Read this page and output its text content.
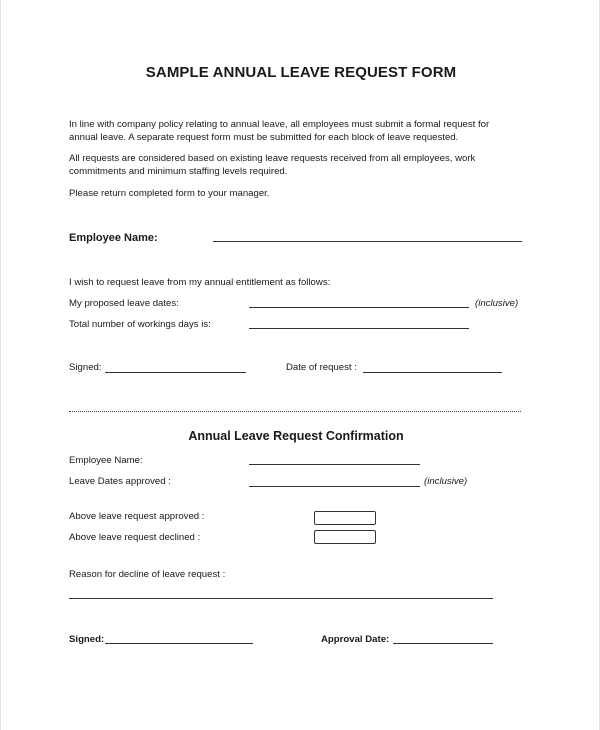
SAMPLE ANNUAL LEAVE REQUEST FORM
In line with company policy relating to annual leave, all employees must submit a formal request for
annual leave. A separate request form must be submitted for each block of leave requested.
All requests are considered based on existing leave requests received from all employees, work
commitments and minimum staffing levels required.
Please return completed form to your manager.
Employee Name:
I wish to request leave from my annual entitlement as follows:
My proposed leave dates:	(inclusive)
Total number of workings days is:
Signed:	Date of request :
Annual Leave Request Confirmation
Employee Name:
Leave Dates approved :	(inclusive)
Above leave request approved :
Above leave request declined :
Reason for decline of leave request :
Signed:	Approval Date:
